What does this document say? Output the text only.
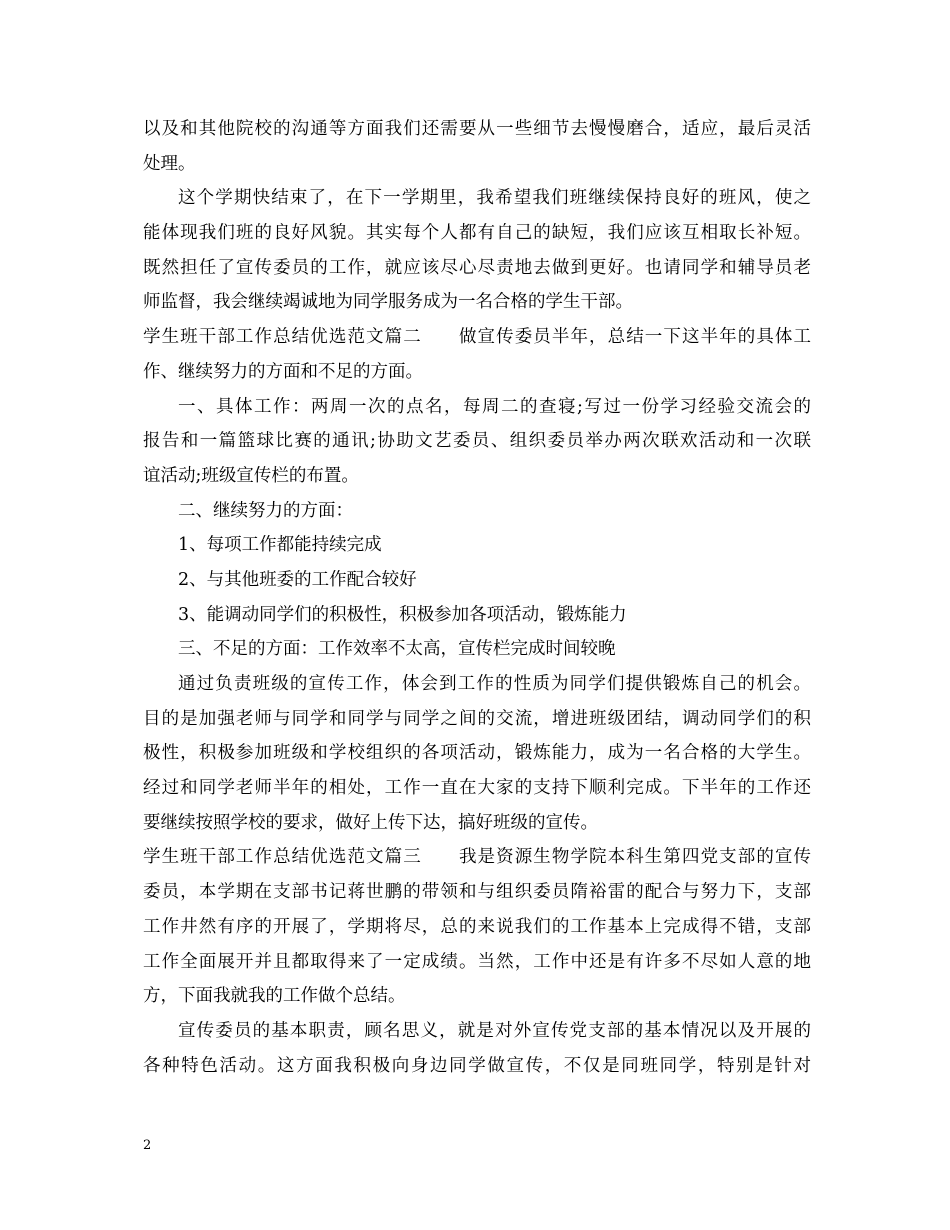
以及和其他院校的沟通等方面我们还需要从一些细节去慢慢磨合，适应，最后灵活
处理。
这个学期快结束了，在下一学期里，我希望我们班继续保持良好的班风，使之
能体现我们班的良好风貌。其实每个人都有自己的缺短，我们应该互相取长补短。
既然担任了宣传委员的工作，就应该尽心尽责地去做到更好。也请同学和辅导员老
师监督，我会继续竭诚地为同学服务成为一名合格的学生干部。
学生班干部工作总结优选范文篇二　　做宣传委员半年，总结一下这半年的具体工
作、继续努力的方面和不足的方面。
一、具体工作：两周一次的点名，每周二的查寝;写过一份学习经验交流会的
报告和一篇篮球比赛的通讯;协助文艺委员、组织委员举办两次联欢活动和一次联
谊活动;班级宣传栏的布置。
二、继续努力的方面：
1、每项工作都能持续完成
2、与其他班委的工作配合较好
3、能调动同学们的积极性，积极参加各项活动，锻炼能力
三、不足的方面：工作效率不太高，宣传栏完成时间较晚
通过负责班级的宣传工作，体会到工作的性质为同学们提供锻炼自己的机会。
目的是加强老师与同学和同学与同学之间的交流，增进班级团结，调动同学们的积
极性，积极参加班级和学校组织的各项活动，锻炼能力，成为一名合格的大学生。
经过和同学老师半年的相处，工作一直在大家的支持下顺利完成。下半年的工作还
要继续按照学校的要求，做好上传下达，搞好班级的宣传。
学生班干部工作总结优选范文篇三　　我是资源生物学院本科生第四党支部的宣传
委员，本学期在支部书记蒋世鹏的带领和与组织委员隋裕雷的配合与努力下，支部
工作井然有序的开展了，学期将尽，总的来说我们的工作基本上完成得不错，支部
工作全面展开并且都取得来了一定成绩。当然，工作中还是有许多不尽如人意的地
方，下面我就我的工作做个总结。
宣传委员的基本职责，顾名思义，就是对外宣传党支部的基本情况以及开展的
各种特色活动。这方面我积极向身边同学做宣传，不仅是同班同学，特别是针对
2
